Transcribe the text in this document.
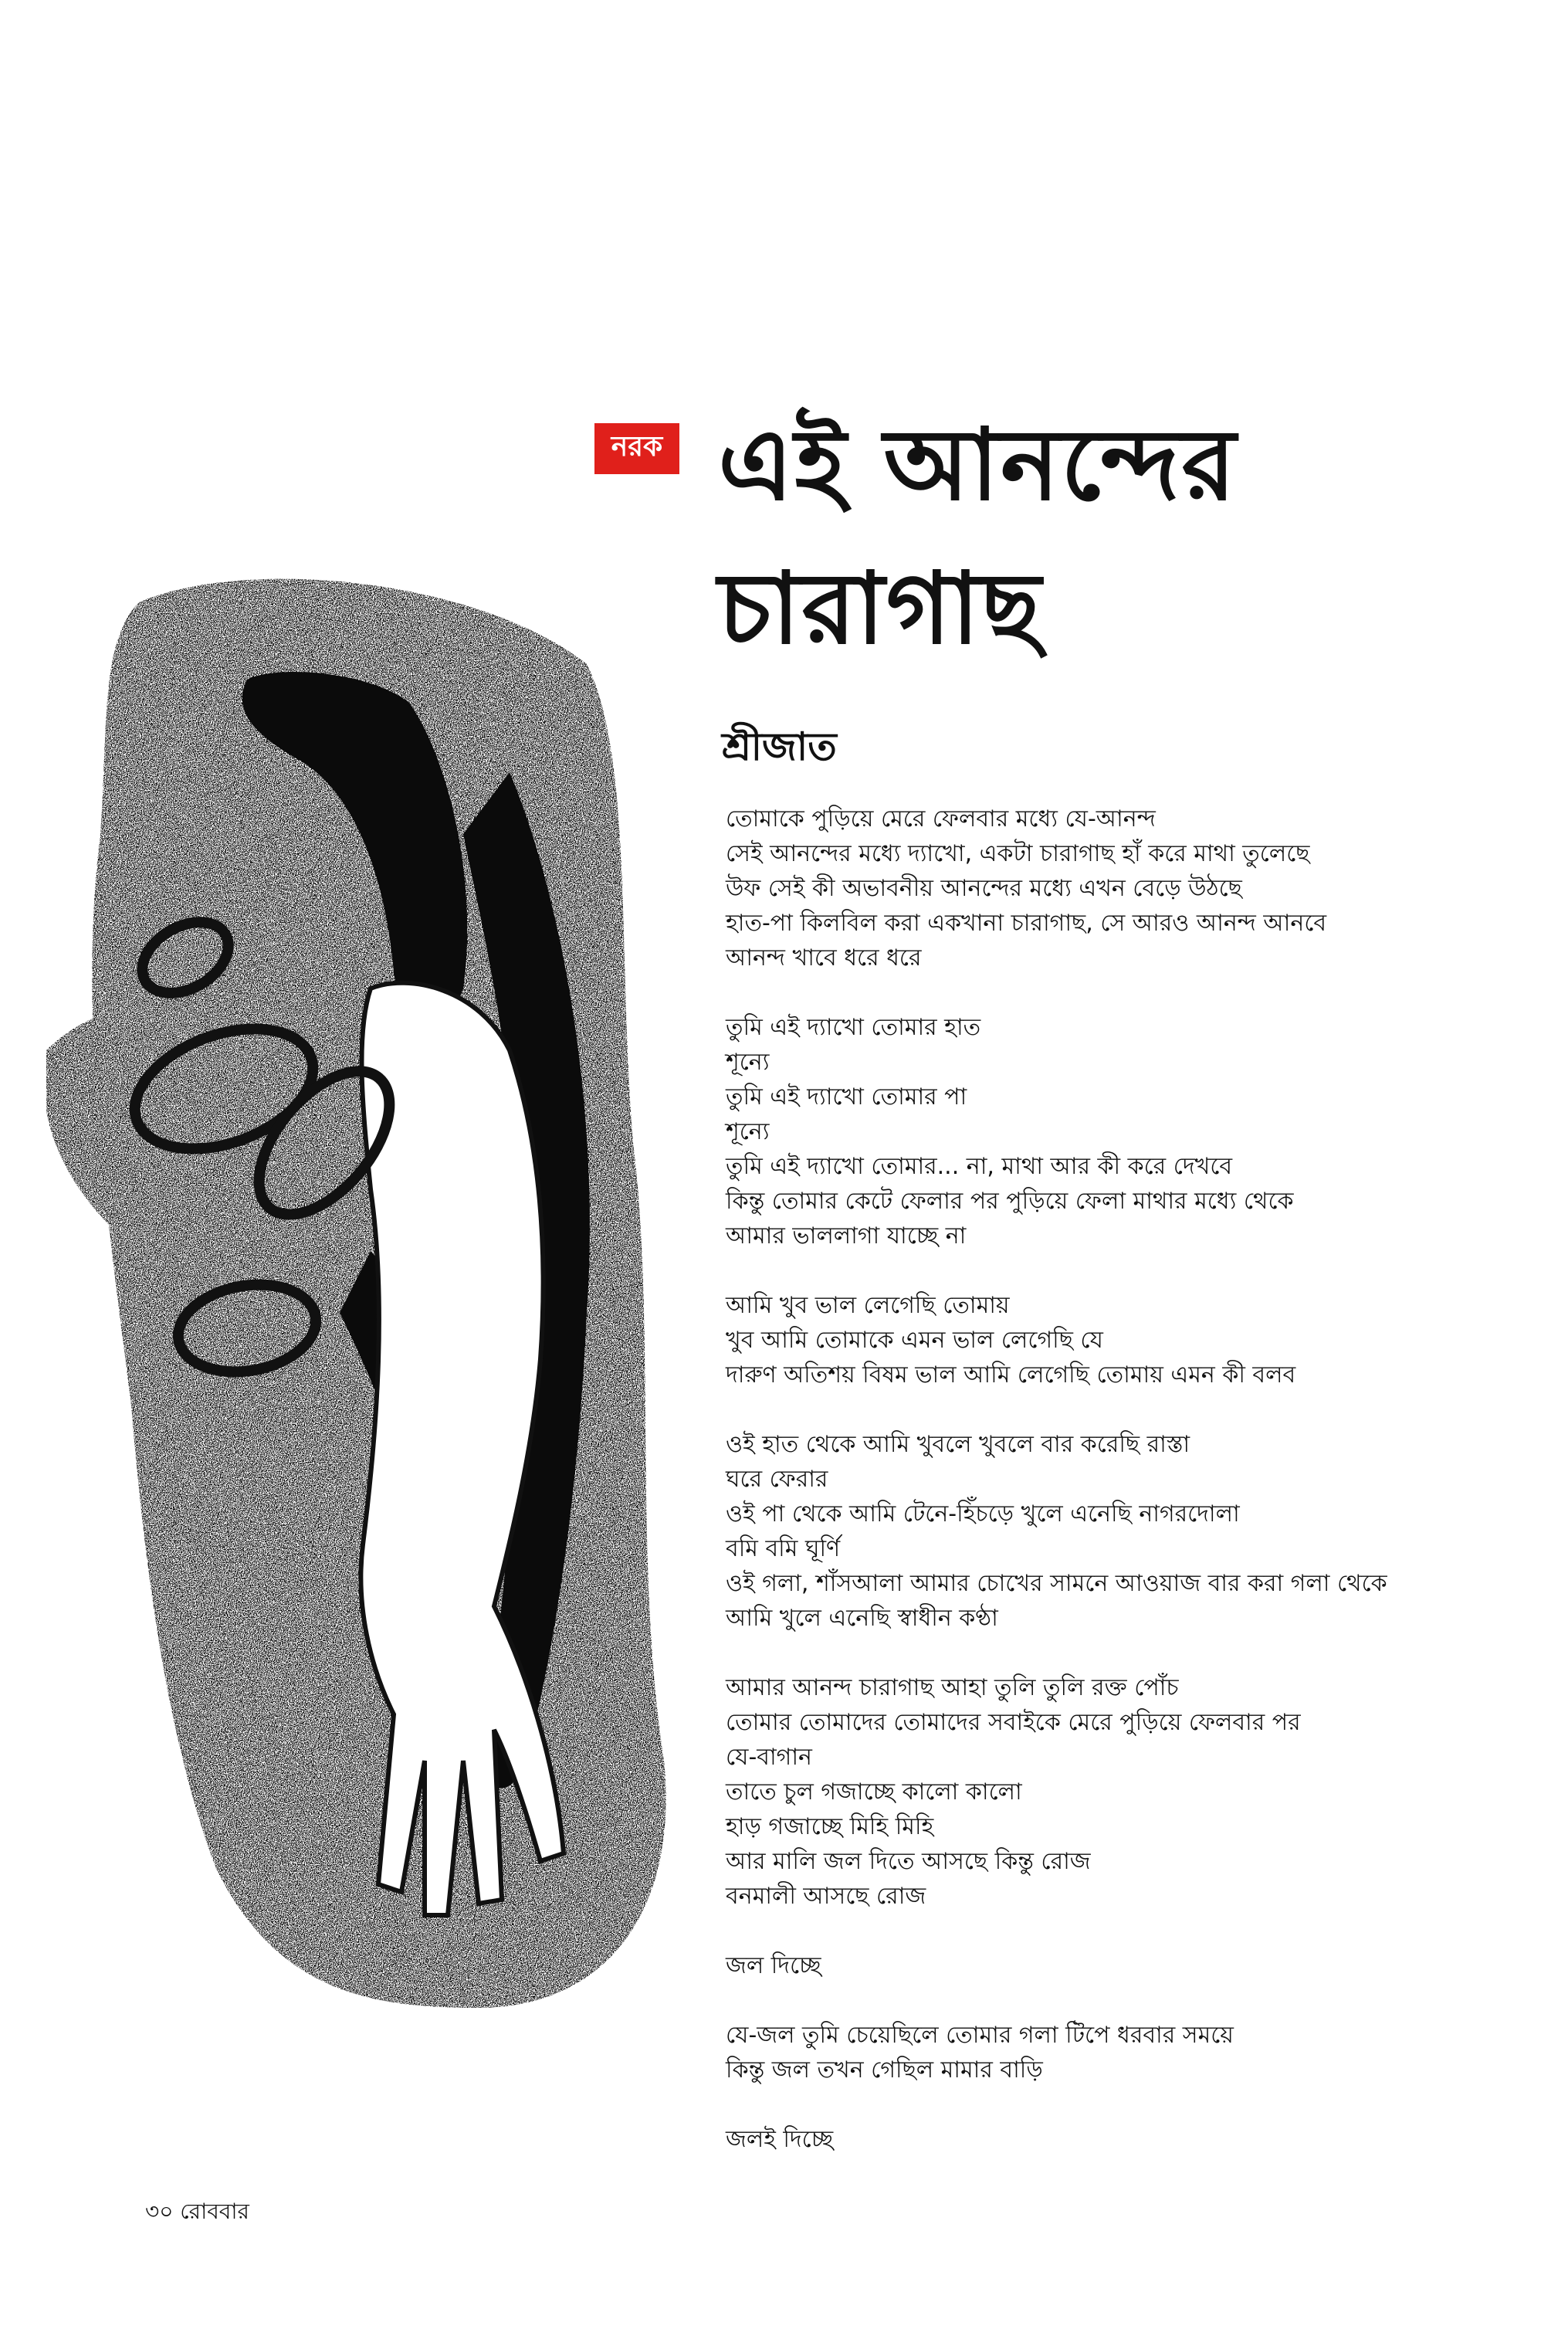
নরক এই আনন্দের
চারাগাছ
শ্রীজাত
তোমাকে পুড়িয়ে মেরে ফেলবার মধ্যে যে-আনন্দ
সেই আনন্দের মধ্যে দ্যাখো, একটা চারাগাছ হাঁ করে মাথা তুলেছে
উফ সেই কী অভাবনীয় আনন্দের মধ্যে এখন বেড়ে উঠছে
হাত-পা কিলবিল করা একখানা চারাগাছ, সে আরও আনন্দ আনবে
আনন্দ খাবে ধরে ধরে
তুমি এই দ্যাখো তোমার হাত
শূন্যে
তুমি এই দ্যাখো তোমার পা
শূন্যে
তুমি এই দ্যাখো তোমার... না, মাথা আর কী করে দেখবে
কিন্তু তোমার কেটে ফেলার পর পুড়িয়ে ফেলা মাথার মধ্যে থেকে
আমার ভাললাগা যাচ্ছে না
আমি খুব ভাল লেগেছি তোমায়
খুব আমি তোমাকে এমন ভাল লেগেছি যে
দারুণ অতিশয় বিষম ভাল আমি লেগেছি তোমায় এমন কী বলব
ওই হাত থেকে আমি খুবলে খুবলে বার করেছি রাস্তা
ঘরে ফেরার
ওই পা থেকে আমি টেনে-হিঁচড়ে খুলে এনেছি নাগরদোলা
বমি বমি ঘূর্ণি
ওই গলা, শাঁসআলা আমার চোখের সামনে আওয়াজ বার করা গলা থেকে
আমি খুলে এনেছি স্বাধীন কণ্ঠা
আমার আনন্দ চারাগাছ আহা তুলি তুলি রক্ত পোঁচ
তোমার তোমাদের তোমাদের সবাইকে মেরে পুড়িয়ে ফেলবার পর
যে-বাগান
তাতে চুল গজাচ্ছে কালো কালো
হাড় গজাচ্ছে মিহি মিহি
আর মালি জল দিতে আসছে কিন্তু রোজ
বনমালী আসছে রোজ
জল দিচ্ছে
যে-জল তুমি চেয়েছিলে তোমার গলা টিপে ধরবার সময়ে
কিন্তু জল তখন গেছিল মামার বাড়ি
জলই দিচ্ছে
৩০ রোববার
